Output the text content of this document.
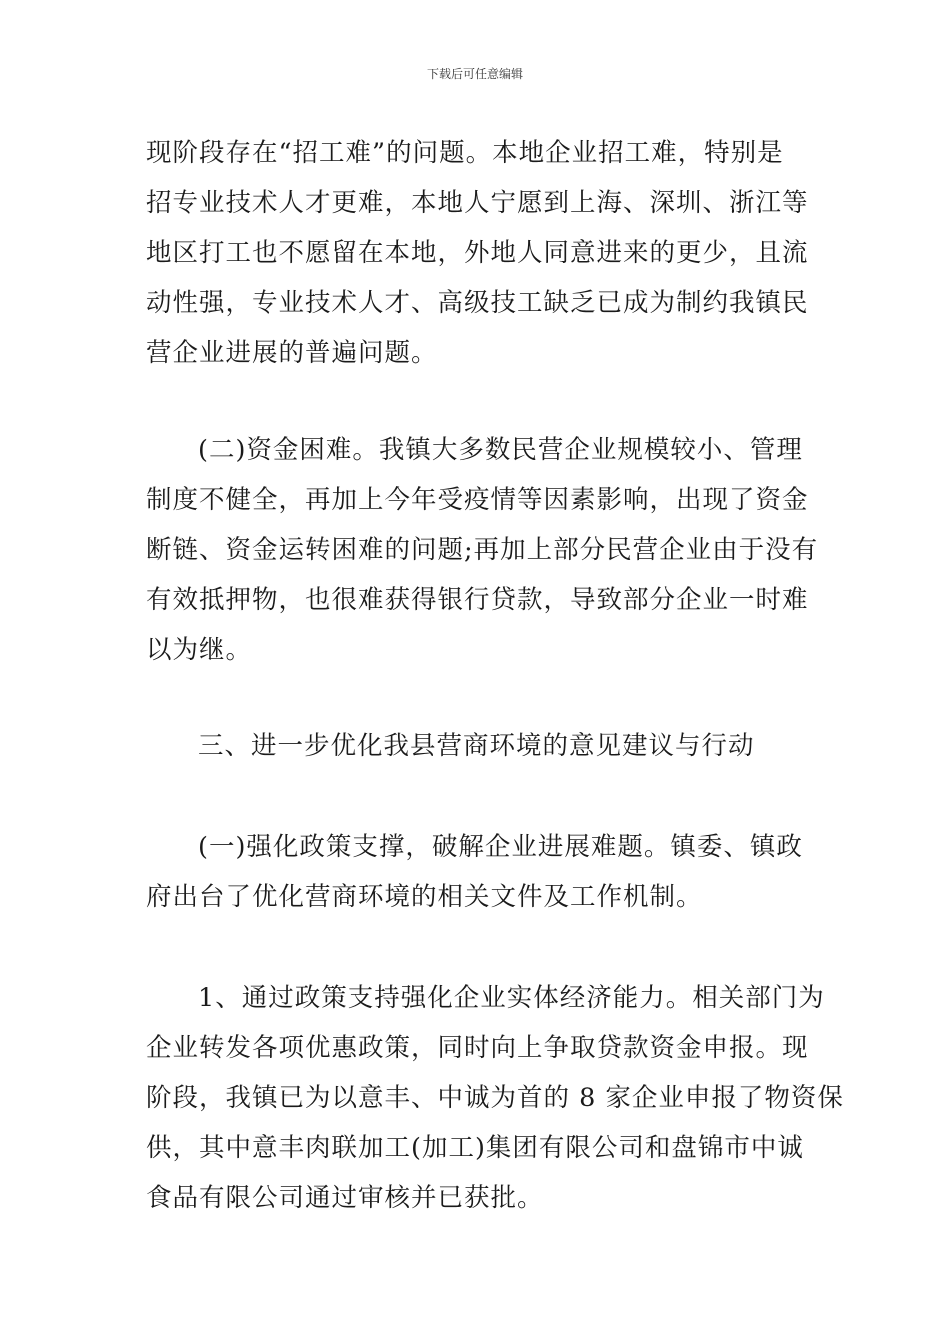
下载后可任意编辑
现阶段存在“招工难”的问题。本地企业招工难，特别是
招专业技术人才更难，本地人宁愿到上海、深圳、浙江等
地区打工也不愿留在本地，外地人同意进来的更少，且流
动性强，专业技术人才、高级技工缺乏已成为制约我镇民
营企业进展的普遍问题。
(二)资金困难。我镇大多数民营企业规模较小、管理
制度不健全，再加上今年受疫情等因素影响，出现了资金
断链、资金运转困难的问题;再加上部分民营企业由于没有
有效抵押物，也很难获得银行贷款，导致部分企业一时难
以为继。
三、进一步优化我县营商环境的意见建议与行动
(一)强化政策支撑，破解企业进展难题。镇委、镇政
府出台了优化营商环境的相关文件及工作机制。
1、通过政策支持强化企业实体经济能力。相关部门为
企业转发各项优惠政策，同时向上争取贷款资金申报。现
阶段，我镇已为以意丰、中诚为首的 8 家企业申报了物资保
供，其中意丰肉联加工(加工)集团有限公司和盘锦市中诚
食品有限公司通过审核并已获批。
